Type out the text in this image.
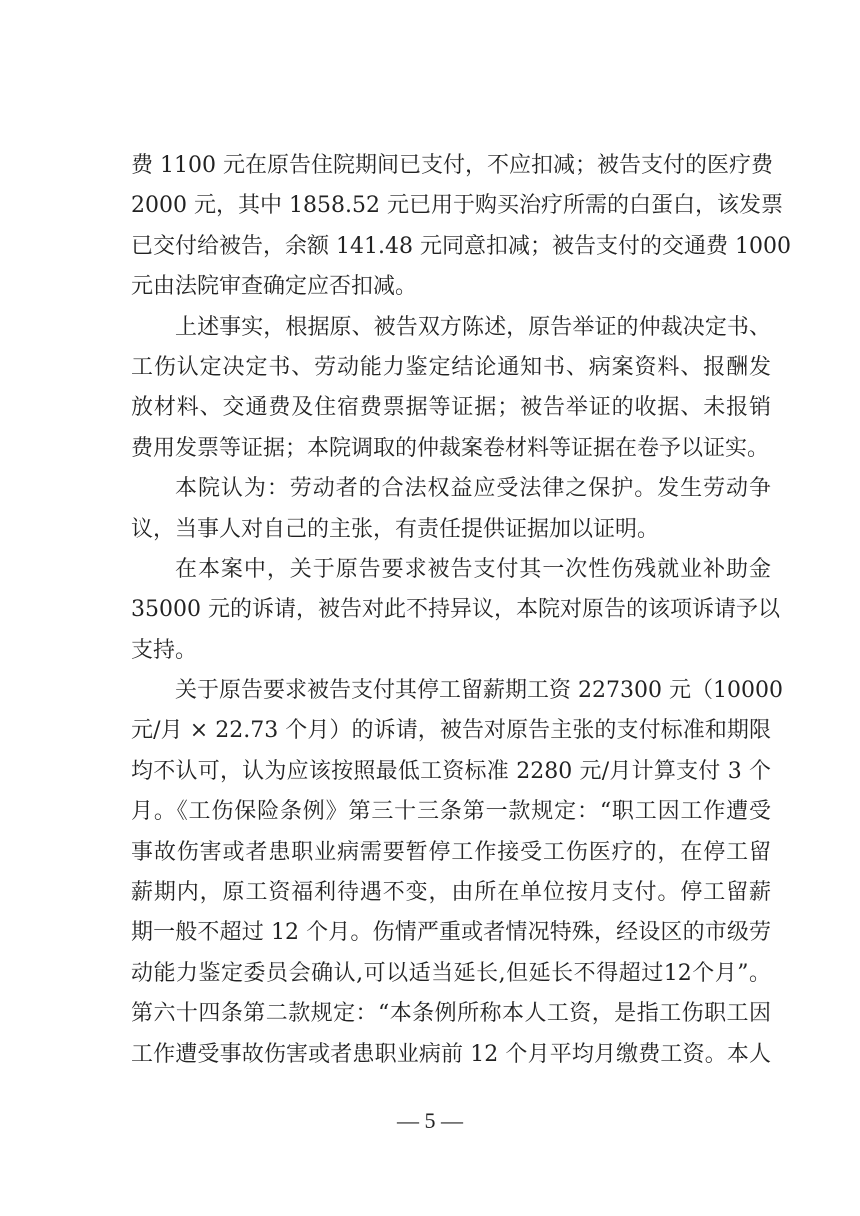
费 1100 元在原告住院期间已支付，不应扣减；被告支付的医疗费
2000 元，其中 1858.52 元已用于购买治疗所需的白蛋白，该发票
已交付给被告，余额 141.48 元同意扣减；被告支付的交通费 1000
元由法院审查确定应否扣减。
上述事实，根据原、被告双方陈述，原告举证的仲裁决定书、
工伤认定决定书、劳动能力鉴定结论通知书、病案资料、报酬发
放材料、交通费及住宿费票据等证据；被告举证的收据、未报销
费用发票等证据；本院调取的仲裁案卷材料等证据在卷予以证实。
本院认为：劳动者的合法权益应受法律之保护。发生劳动争
议，当事人对自己的主张，有责任提供证据加以证明。
在本案中，关于原告要求被告支付其一次性伤残就业补助金
35000 元的诉请，被告对此不持异议，本院对原告的该项诉请予以
支持。
关于原告要求被告支付其停工留薪期工资 227300 元（10000
元/月 × 22.73 个月）的诉请，被告对原告主张的支付标准和期限
均不认可，认为应该按照最低工资标准 2280 元/月计算支付 3 个
月。《工伤保险条例》第三十三条第一款规定：“职工因工作遭受
事故伤害或者患职业病需要暂停工作接受工伤医疗的，在停工留
薪期内，原工资福利待遇不变，由所在单位按月支付。停工留薪
期一般不超过 12 个月。伤情严重或者情况特殊，经设区的市级劳
动能力鉴定委员会确认,可以适当延长,但延长不得超过12个月”。
第六十四条第二款规定：“本条例所称本人工资，是指工伤职工因
工作遭受事故伤害或者患职业病前 12 个月平均月缴费工资。本人
— 5 —
